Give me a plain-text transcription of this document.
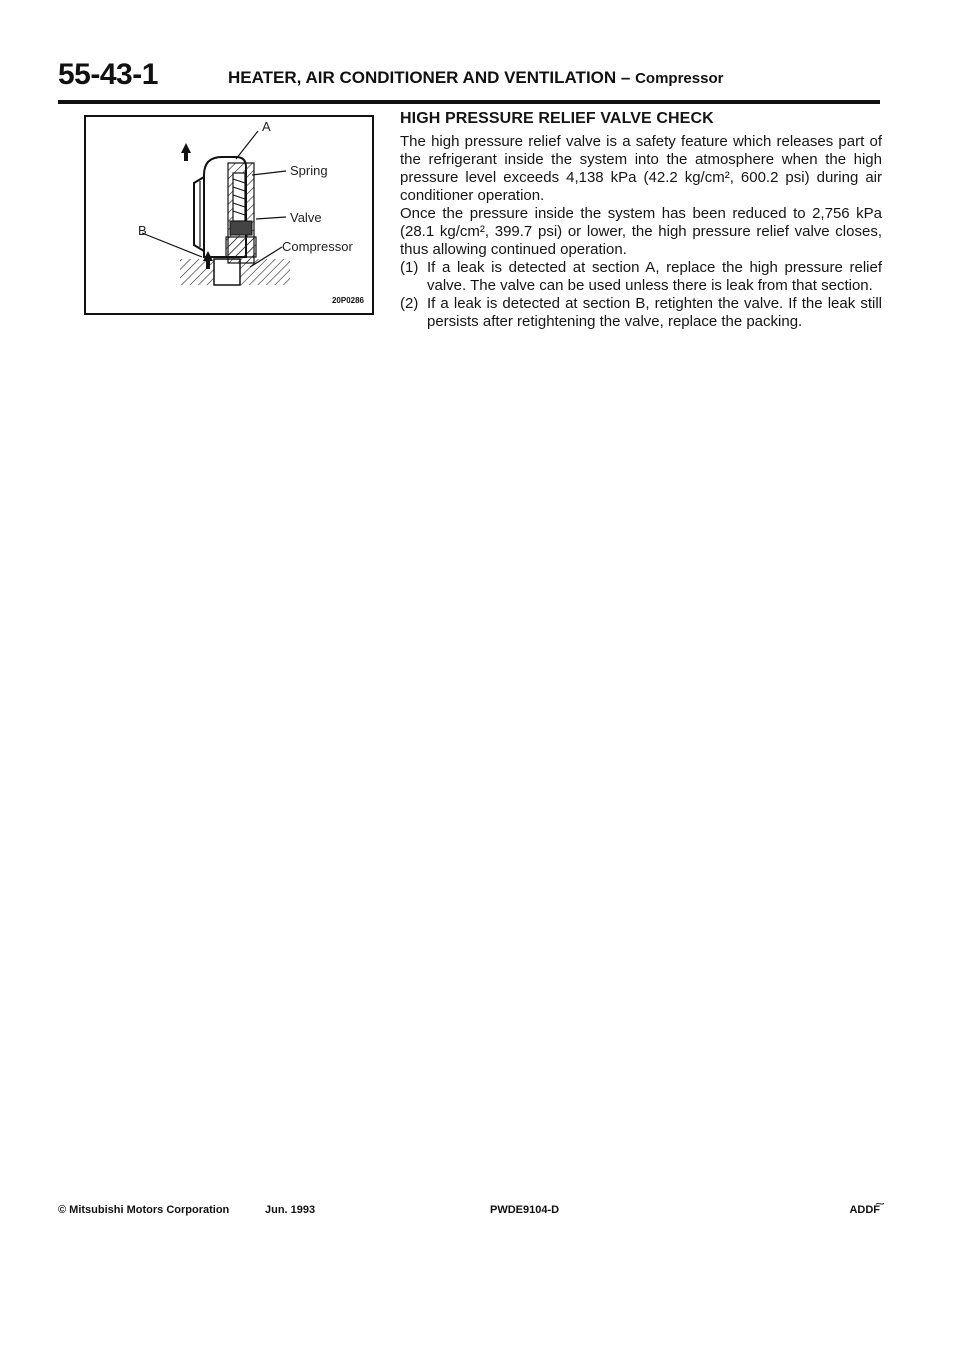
55-43-1	HEATER, AIR CONDITIONER AND VENTILATION – Compressor
A
B
Spring
Valve
Compressor
20P0286
HIGH PRESSURE RELIEF VALVE CHECK

The high pressure relief valve is a safety feature which releases part of the refrigerant inside the system into the atmosphere when the high pressure level exceeds 4,138 kPa (42.2 kg/cm², 600.2 psi) during air conditioner operation.

Once the pressure inside the system has been reduced to 2,756 kPa (28.1 kg/cm², 399.7 psi) or lower, the high pressure relief valve closes, thus allowing continued operation.

(1) If a leak is detected at section A, replace the high pressure relief valve. The valve can be used unless there is leak from that section.
(2) If a leak is detected at section B, retighten the valve. If the leak still persists after retightening the valve, replace the packing.
© Mitsubishi Motors Corporation	Jun. 1993	PWDE9104-D	ADDF͠
